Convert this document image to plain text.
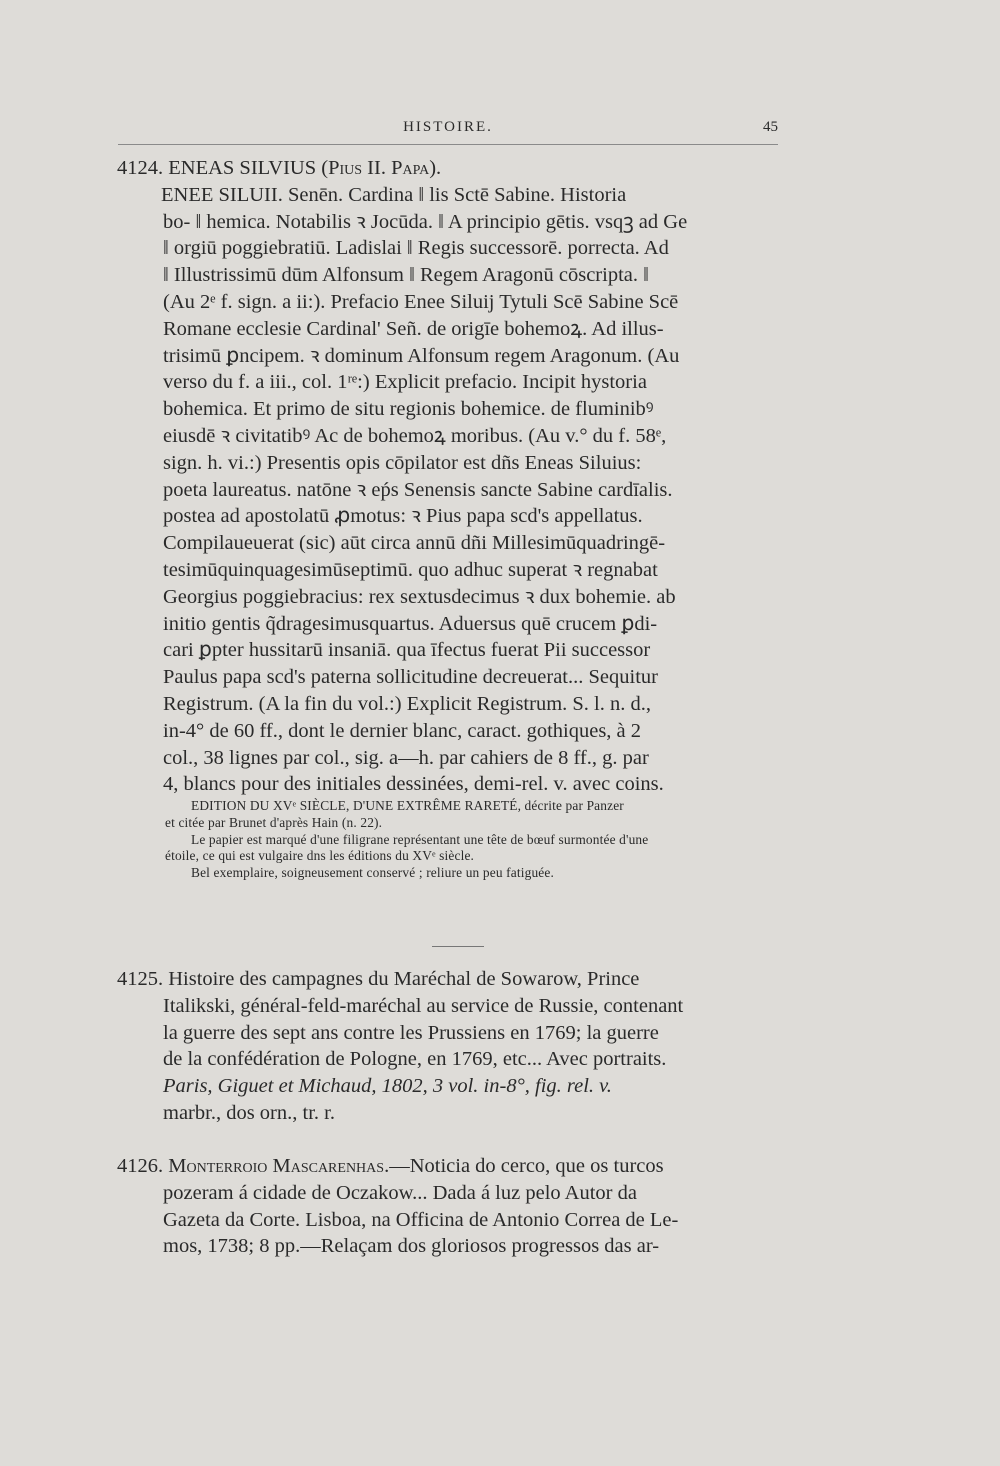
HISTOIRE.	45
4124. ENEAS SILVIUS (Pius II. Papa).
ENEE SILUII. Senēn. Cardina ‖ lis Sctē Sabine. Historia
bo- ‖ hemica. Notabilis ꝛ Jocūda. ‖ A principio gētis. vsqꝫ ad Ge
‖ orgiū poggiebratiū. Ladislai ‖ Regis successorē. porrecta. Ad
‖ Illustrissimū dūm Alfonsum ‖ Regem Aragonū cōscripta. ‖
(Au 2ᵉ f. sign. a ii:). Prefacio Enee Siluij Tytuli Scē Sabine Scē
Romane ecclesie Cardinal' Señ. de origīe bohemoꝝ. Ad illus-
trisimū ꝑncipem. ꝛ dominum Alfonsum regem Aragonum. (Au
verso du f. a iii., col. 1ʳᵉ:) Explicit prefacio. Incipit hystoria
bohemica. Et primo de situ regionis bohemice. de fluminibꝰ
eiusdē ꝛ civitatibꝰ Ac de bohemoꝝ moribus. (Au v.° du f. 58ᵉ,
sign. h. vi.:) Presentis opis cōpilator est dñs Eneas Siluius:
poeta laureatus. natōne ꝛ eṕs Senensis sancte Sabine cardīalis.
postea ad apostolatū ꝓmotus: ꝛ Pius papa scd's appellatus.
Compilaueuerat (sic) aūt circa annū dñi Millesimūquadringē-
tesimūquinquagesimūseptimū. quo adhuc superat ꝛ regnabat
Georgius poggiebracius: rex sextusdecimus ꝛ dux bohemie. ab
initio gentis q̃dragesimusquartus. Aduersus quē crucem ꝑdi-
cari ꝑpter hussitarū insaniā. qua īfectus fuerat Pii successor
Paulus papa scd's paterna sollicitudine decreuerat... Sequitur
Registrum. (A la fin du vol.:) Explicit Registrum. S. l. n. d.,
in-4° de 60 ff., dont le dernier blanc, caract. gothiques, à 2
col., 38 lignes par col., sig. a—h. par cahiers de 8 ff., g. par
4, blancs pour des initiales dessinées, demi-rel. v. avec coins.
EDITION DU XVᵉ SIÈCLE, D'UNE EXTRÊME RARETÉ, décrite par Panzer
et citée par Brunet d'après Hain (n. 22).
Le papier est marqué d'une filigrane représentant une tête de bœuf surmontée d'une
étoile, ce qui est vulgaire dns les éditions du XVᵉ siècle.
Bel exemplaire, soigneusement conservé ; reliure un peu fatiguée.
4125. Histoire des campagnes du Maréchal de Sowarow, Prince
Italikski, général-feld-maréchal au service de Russie, contenant
la guerre des sept ans contre les Prussiens en 1769; la guerre
de la confédération de Pologne, en 1769, etc... Avec portraits.
Paris, Giguet et Michaud, 1802, 3 vol. in-8°, fig. rel. v.
marbr., dos orn., tr. r.
4126. Monterroio Mascarenhas.—Noticia do cerco, que os turcos
pozeram á cidade de Oczakow... Dada á luz pelo Autor da
Gazeta da Corte. Lisboa, na Officina de Antonio Correa de Le-
mos, 1738; 8 pp.—Relaçam dos gloriosos progressos das ar-
